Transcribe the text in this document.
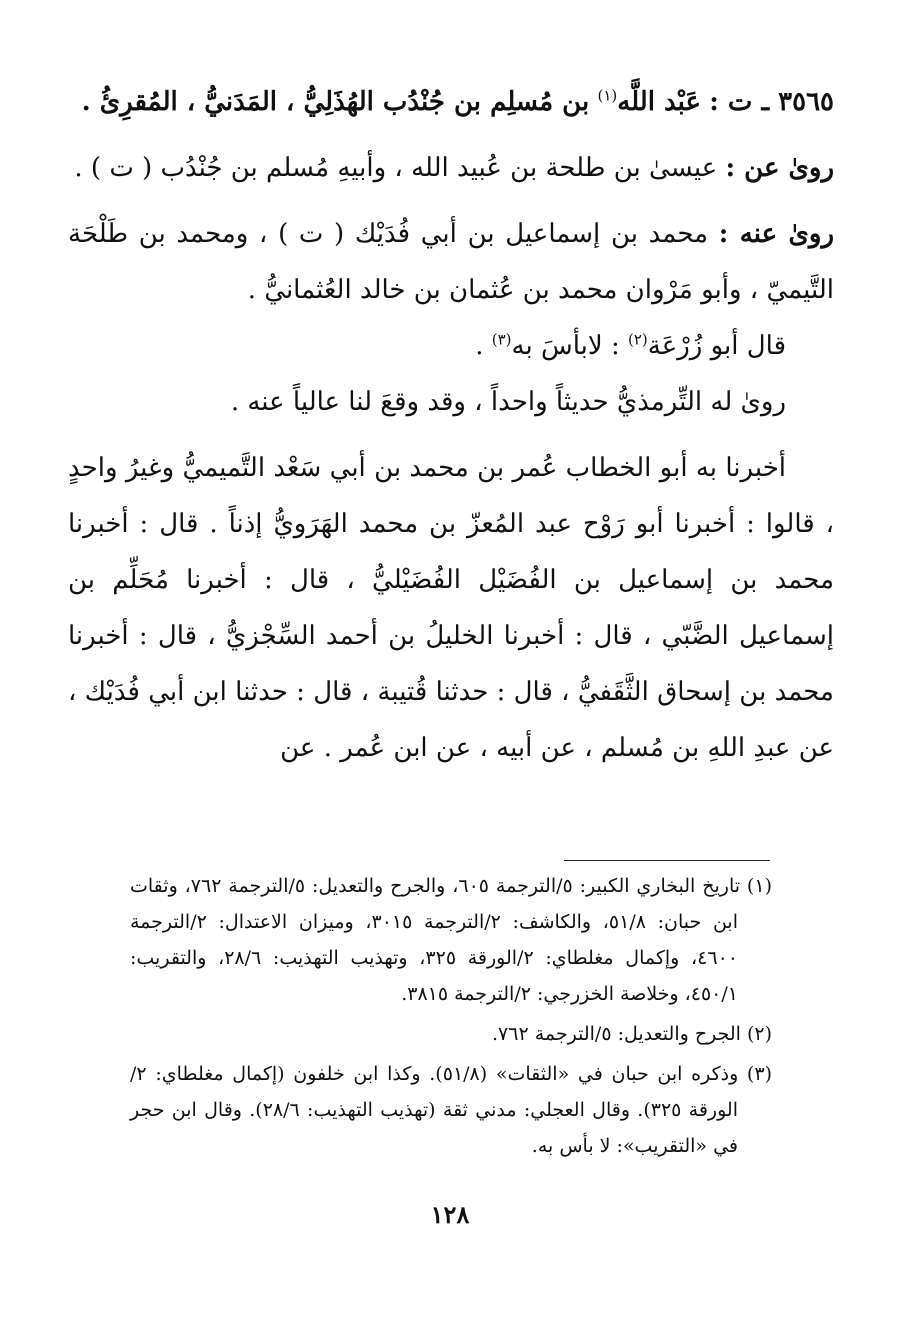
٣٥٦٥ ـ ت : عَبْد اللَّه$^{(١)}$ بن مُسلِم بن جُنْدُب الهُذَلِيُّ ، المَدَنيُّ ، المُقرِئُ .

روىٰ عن : عيسىٰ بن طلحة بن عُبيد الله ، وأبيهِ مُسلم بن جُنْدُب ( ت ) .

روىٰ عنه : محمد بن إسماعيل بن أبي فُدَيْك ( ت ) ، ومحمد بن طَلْحَة التَّيميّ ، وأبو مَرْوان محمد بن عُثمان بن خالد العُثمانيُّ .

قال أبو زُرْعَة$^{(٢)}$ : لابأسَ به$^{(٣)}$ .

روىٰ له التِّرمذيُّ حديثاً واحداً ، وقد وقعَ لنا عالياً عنه .

أخبرنا به أبو الخطاب عُمر بن محمد بن أبي سَعْد التَّميميُّ وغيرُ واحدٍ ، قالوا : أخبرنا أبو رَوْح عبد المُعزّ بن محمد الهَرَويُّ إذناً . قال : أخبرنا محمد بن إسماعيل بن الفُضَيْل الفُضَيْليُّ ، قال : أخبرنا مُحَلِّم بن إسماعيل الضَّبّي ، قال : أخبرنا الخليلُ بن أحمد السِّجْزيُّ ، قال : أخبرنا محمد بن إسحاق الثَّقَفيُّ ، قال : حدثنا قُتيبة ، قال : حدثنا ابن أبي فُدَيْك ، عن عبدِ اللهِ بن مُسلم ، عن أبيه ، عن ابن عُمر . عن

(١) تاريخ البخاري الكبير: ٥/الترجمة ٦٠٥، والجرح والتعديل: ٥/الترجمة ٧٦٢، وثقات ابن حبان: ٥١/٨، والكاشف: ٢/الترجمة ٣٠١٥، وميزان الاعتدال: ٢/الترجمة ٤٦٠٠، وإكمال مغلطاي: ٢/الورقة ٣٢٥، وتهذيب التهذيب: ٢٨/٦، والتقريب: ٤٥٠/١، وخلاصة الخزرجي: ٢/الترجمة ٣٨١٥.

(٢) الجرح والتعديل: ٥/الترجمة ٧٦٢.

(٣) وذكره ابن حبان في «الثقات» (٥١/٨). وكذا ابن خلفون (إكمال مغلطاي: ٢/الورقة ٣٢٥). وقال العجلي: مدني ثقة (تهذيب التهذيب: ٢٨/٦). وقال ابن حجر في «التقريب»: لا بأس به.

١٢٨
